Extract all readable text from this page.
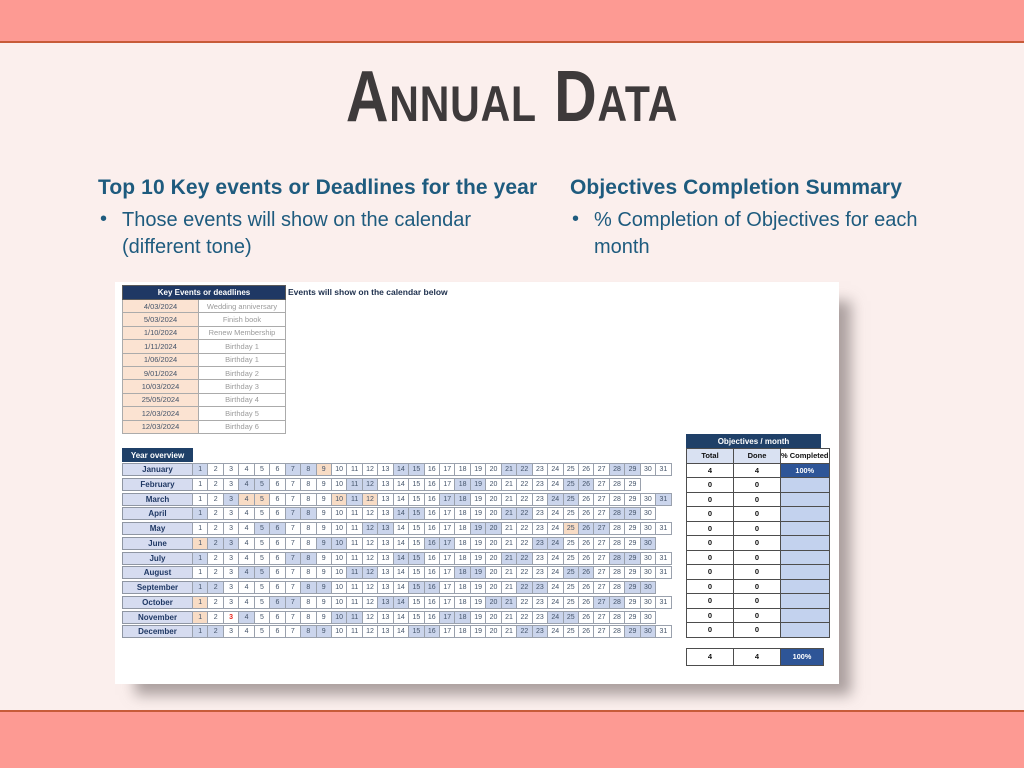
Annual Data
Top 10 Key events or Deadlines for the year
• Those events will show on the calendar (different tone)
Objectives Completion Summary
• % Completion of Objectives for each month
Key Events or deadlines	
4/03/2024	Wedding anniversary
5/03/2024	Finish book
1/10/2024	Renew Membership
1/11/2024	Birthday 1
1/06/2024	Birthday 1
9/01/2024	Birthday 2
10/03/2024	Birthday 3
25/05/2024	Birthday 4
12/03/2024	Birthday 5
12/03/2024	Birthday 6
Events will show on the calendar below
Year overview
January	1	2	3	4	5	6	7	8	9	10	11	12	13	14	15	16	17	18	19	20	21	22	23	24	25	26	27	28	29	30	31
February	1	2	3	4	5	6	7	8	9	10	11	12	13	14	15	16	17	18	19	20	21	22	23	24	25	26	27	28	29
March	1	2	3	4	5	6	7	8	9	10	11	12	13	14	15	16	17	18	19	20	21	22	23	24	25	26	27	28	29	30	31
April	1	2	3	4	5	6	7	8	9	10	11	12	13	14	15	16	17	18	19	20	21	22	23	24	25	26	27	28	29	30
May	1	2	3	4	5	6	7	8	9	10	11	12	13	14	15	16	17	18	19	20	21	22	23	24	25	26	27	28	29	30	31
June	1	2	3	4	5	6	7	8	9	10	11	12	13	14	15	16	17	18	19	20	21	22	23	24	25	26	27	28	29	30
July	1	2	3	4	5	6	7	8	9	10	11	12	13	14	15	16	17	18	19	20	21	22	23	24	25	26	27	28	29	30	31
August	1	2	3	4	5	6	7	8	9	10	11	12	13	14	15	16	17	18	19	20	21	22	23	24	25	26	27	28	29	30	31
September	1	2	3	4	5	6	7	8	9	10	11	12	13	14	15	16	17	18	19	20	21	22	23	24	25	26	27	28	29	30
October	1	2	3	4	5	6	7	8	9	10	11	12	13	14	15	16	17	18	19	20	21	22	23	24	25	26	27	28	29	30	31
November	1	2	3	4	5	6	7	8	9	10	11	12	13	14	15	16	17	18	19	20	21	22	23	24	25	26	27	28	29	30
December	1	2	3	4	5	6	7	8	9	10	11	12	13	14	15	16	17	18	19	20	21	22	23	24	25	26	27	28	29	30	31
Objectives / month
Total	Done	% Completed
4	4	100%
0	0	
0	0	
0	0	
0	0	
0	0	
0	0	
0	0	
0	0	
0	0	
0	0	
0	0	
4	4	100%
